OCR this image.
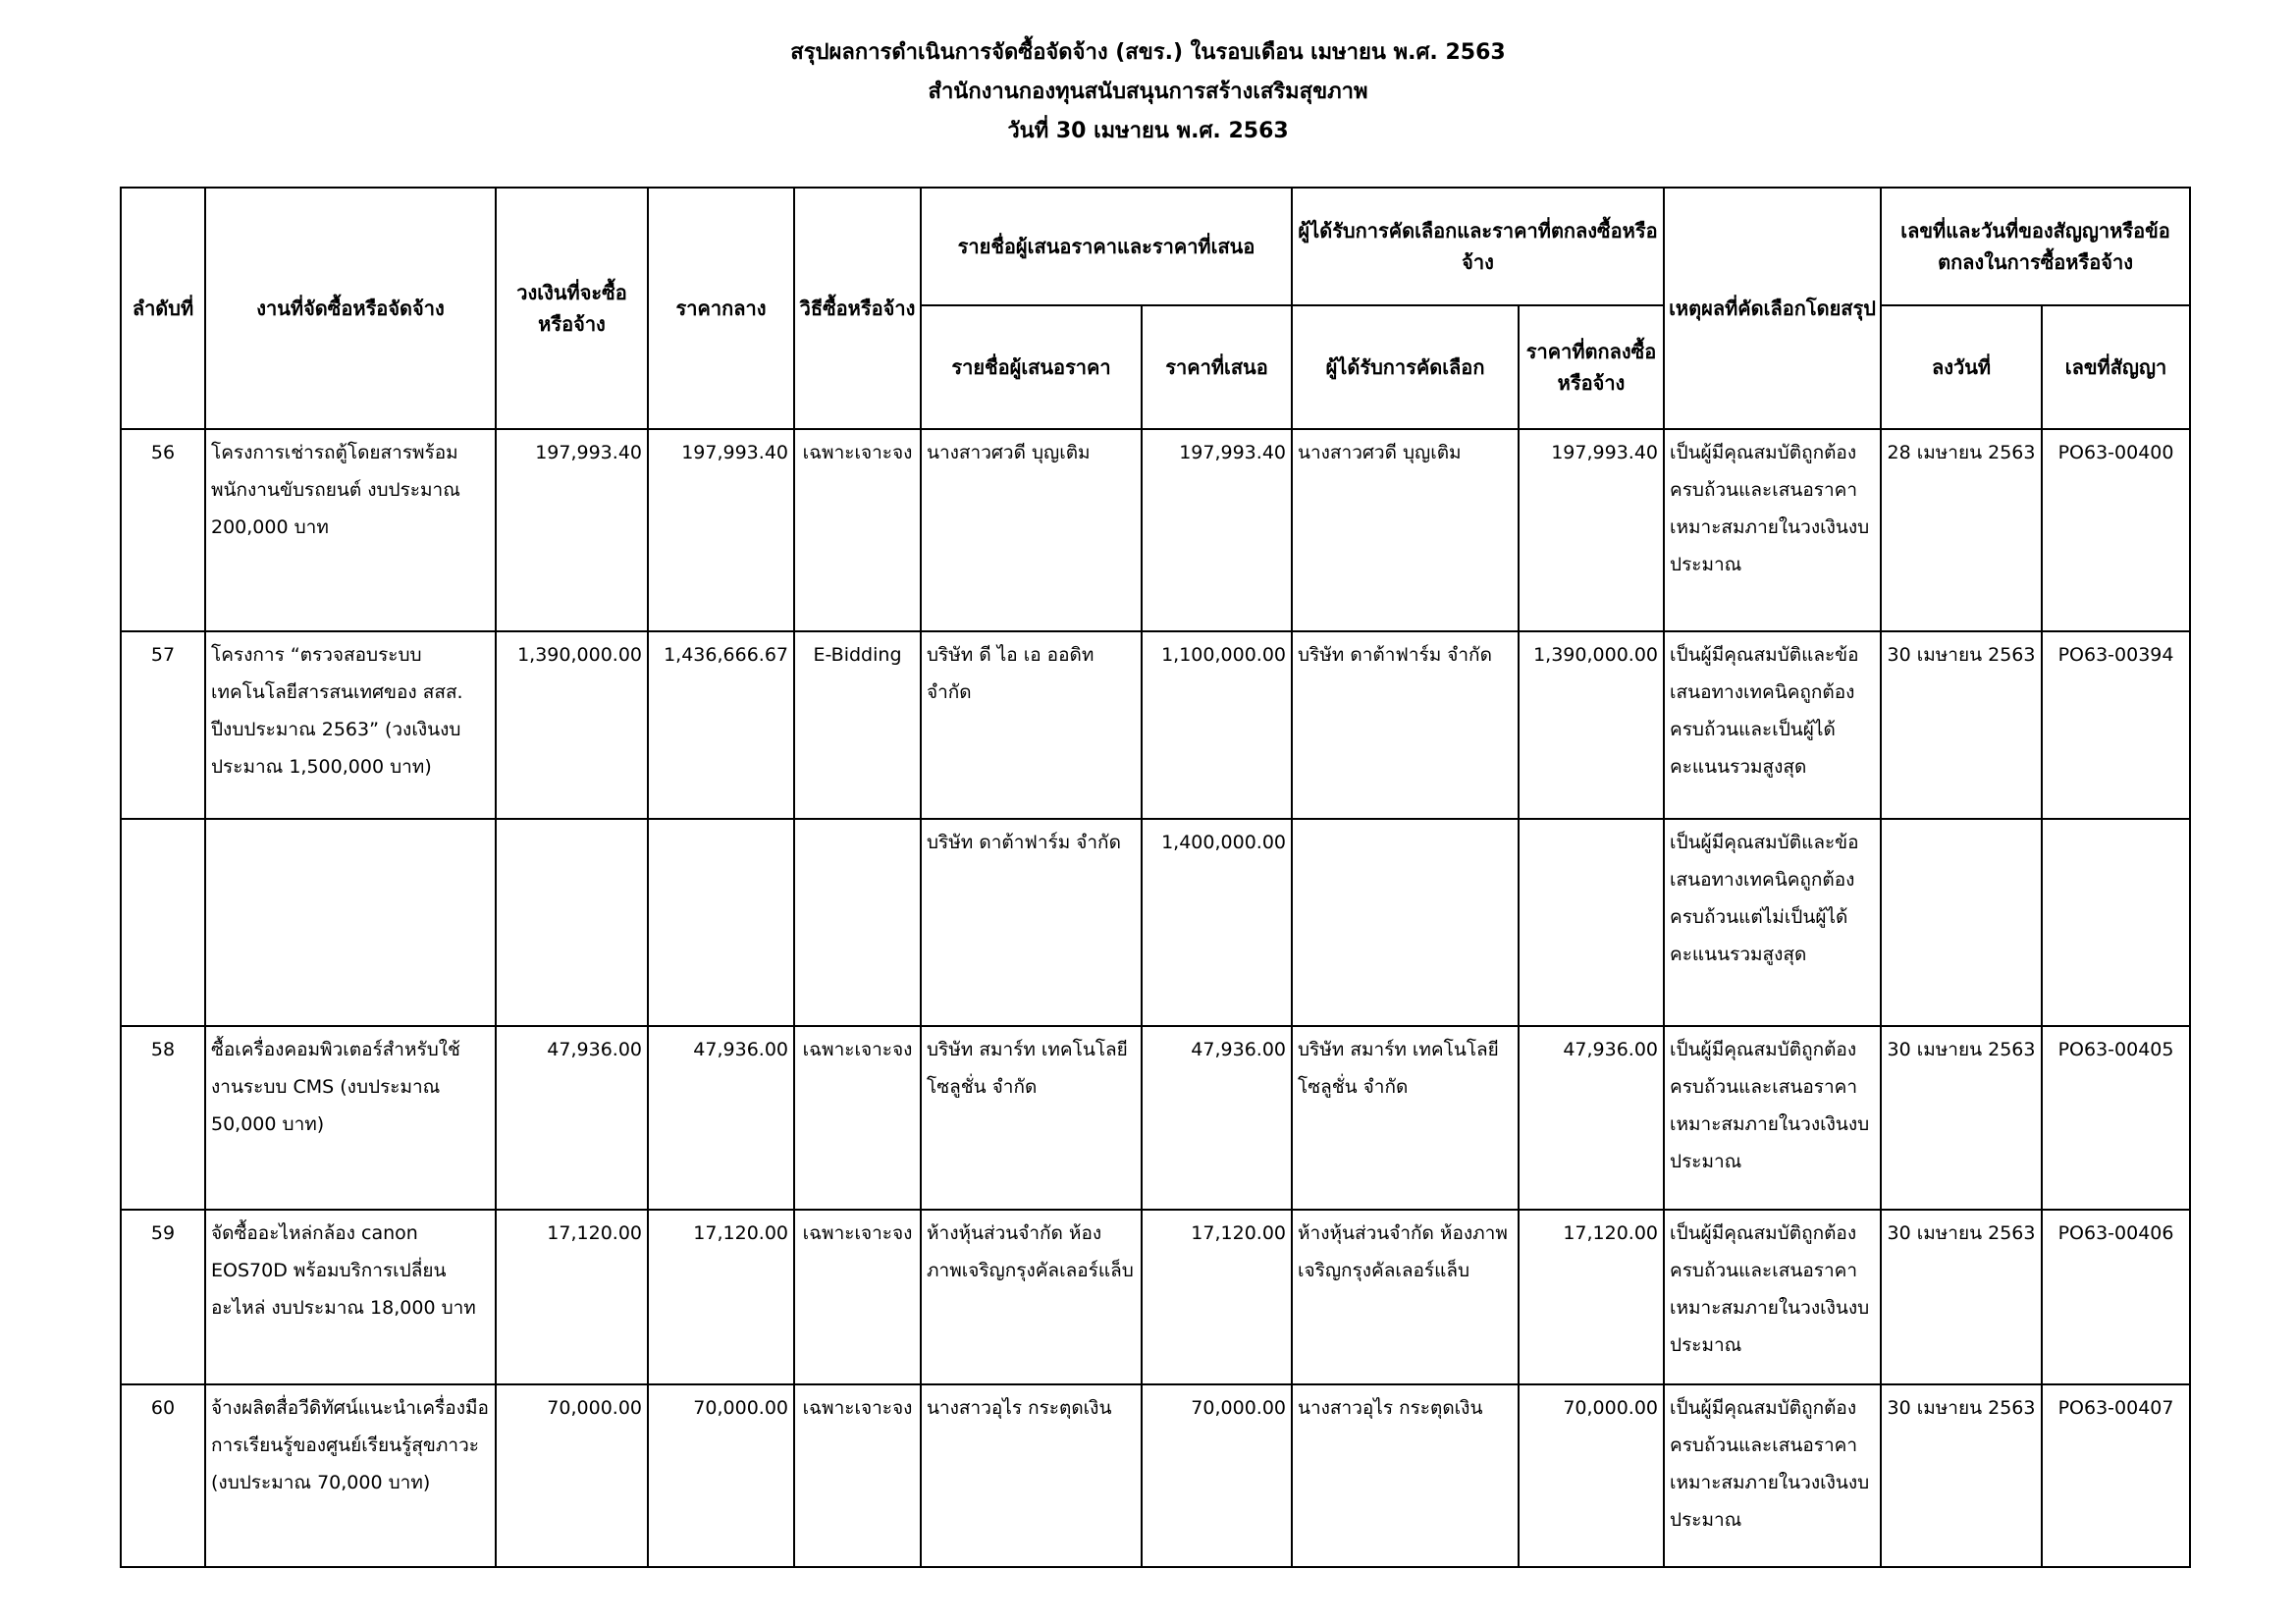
สรุปผลการดำเนินการจัดซื้อจัดจ้าง (สขร.) ในรอบเดือน เมษายน พ.ศ. 2563
สำนักงานกองทุนสนับสนุนการสร้างเสริมสุขภาพ
วันที่ 30 เมษายน พ.ศ. 2563
ลำดับที่	งานที่จัดซื้อหรือจัดจ้าง	วงเงินที่จะซื้อหรือจ้าง	ราคากลาง	วิธีซื้อหรือจ้าง	รายชื่อผู้เสนอราคาและราคาที่เสนอ		ผู้ได้รับการคัดเลือกและราคาที่ตกลงซื้อหรือจ้าง		เหตุผลที่คัดเลือกโดยสรุป	เลขที่และวันที่ของสัญญาหรือข้อตกลงในการซื้อหรือจ้าง	
					รายชื่อผู้เสนอราคา	ราคาที่เสนอ	ผู้ได้รับการคัดเลือก	ราคาที่ตกลงซื้อหรือจ้าง		ลงวันที่	เลขที่สัญญา
56	โครงการเช่ารถตู้โดยสารพร้อมพนักงานขับรถยนต์ งบประมาณ 200,000 บาท	197,993.40	197,993.40	เฉพาะเจาะจง	นางสาวศวดี บุญเติม	197,993.40	นางสาวศวดี บุญเติม	197,993.40	เป็นผู้มีคุณสมบัติถูกต้องครบถ้วนและเสนอราคาเหมาะสมภายในวงเงินงบประมาณ	28 เมษายน 2563	PO63-00400
57	โครงการ “ตรวจสอบระบบเทคโนโลยีสารสนเทศของ สสส. ปีงบประมาณ 2563” (วงเงินงบประมาณ 1,500,000 บาท)	1,390,000.00	1,436,666.67	E-Bidding	บริษัท ดี ไอ เอ ออดิท จำกัด	1,100,000.00	บริษัท ดาต้าฟาร์ม จำกัด	1,390,000.00	เป็นผู้มีคุณสมบัติและข้อเสนอทางเทคนิคถูกต้องครบถ้วนและเป็นผู้ได้คะแนนรวมสูงสุด	30 เมษายน 2563	PO63-00394
					บริษัท ดาต้าฟาร์ม จำกัด	1,400,000.00			เป็นผู้มีคุณสมบัติและข้อเสนอทางเทคนิคถูกต้องครบถ้วนแต่ไม่เป็นผู้ได้คะแนนรวมสูงสุด		
58	ซื้อเครื่องคอมพิวเตอร์สำหรับใช้งานระบบ CMS (งบประมาณ 50,000 บาท)	47,936.00	47,936.00	เฉพาะเจาะจง	บริษัท สมาร์ท เทคโนโลยี โซลูชั่น จำกัด	47,936.00	บริษัท สมาร์ท เทคโนโลยี โซลูชั่น จำกัด	47,936.00	เป็นผู้มีคุณสมบัติถูกต้องครบถ้วนและเสนอราคาเหมาะสมภายในวงเงินงบประมาณ	30 เมษายน 2563	PO63-00405
59	จัดซื้ออะไหล่กล้อง canon EOS70D พร้อมบริการเปลี่ยนอะไหล่ งบประมาณ 18,000 บาท	17,120.00	17,120.00	เฉพาะเจาะจง	ห้างหุ้นส่วนจำกัด ห้องภาพเจริญกรุงคัลเลอร์แล็บ	17,120.00	ห้างหุ้นส่วนจำกัด ห้องภาพเจริญกรุงคัลเลอร์แล็บ	17,120.00	เป็นผู้มีคุณสมบัติถูกต้องครบถ้วนและเสนอราคาเหมาะสมภายในวงเงินงบประมาณ	30 เมษายน 2563	PO63-00406
60	จ้างผลิตสื่อวีดิทัศน์แนะนำเครื่องมือการเรียนรู้ของศูนย์เรียนรู้สุขภาวะ (งบประมาณ 70,000 บาท)	70,000.00	70,000.00	เฉพาะเจาะจง	นางสาวอุไร กระตุดเงิน	70,000.00	นางสาวอุไร กระตุดเงิน	70,000.00	เป็นผู้มีคุณสมบัติถูกต้องครบถ้วนและเสนอราคาเหมาะสมภายในวงเงินงบประมาณ	30 เมษายน 2563	PO63-00407
